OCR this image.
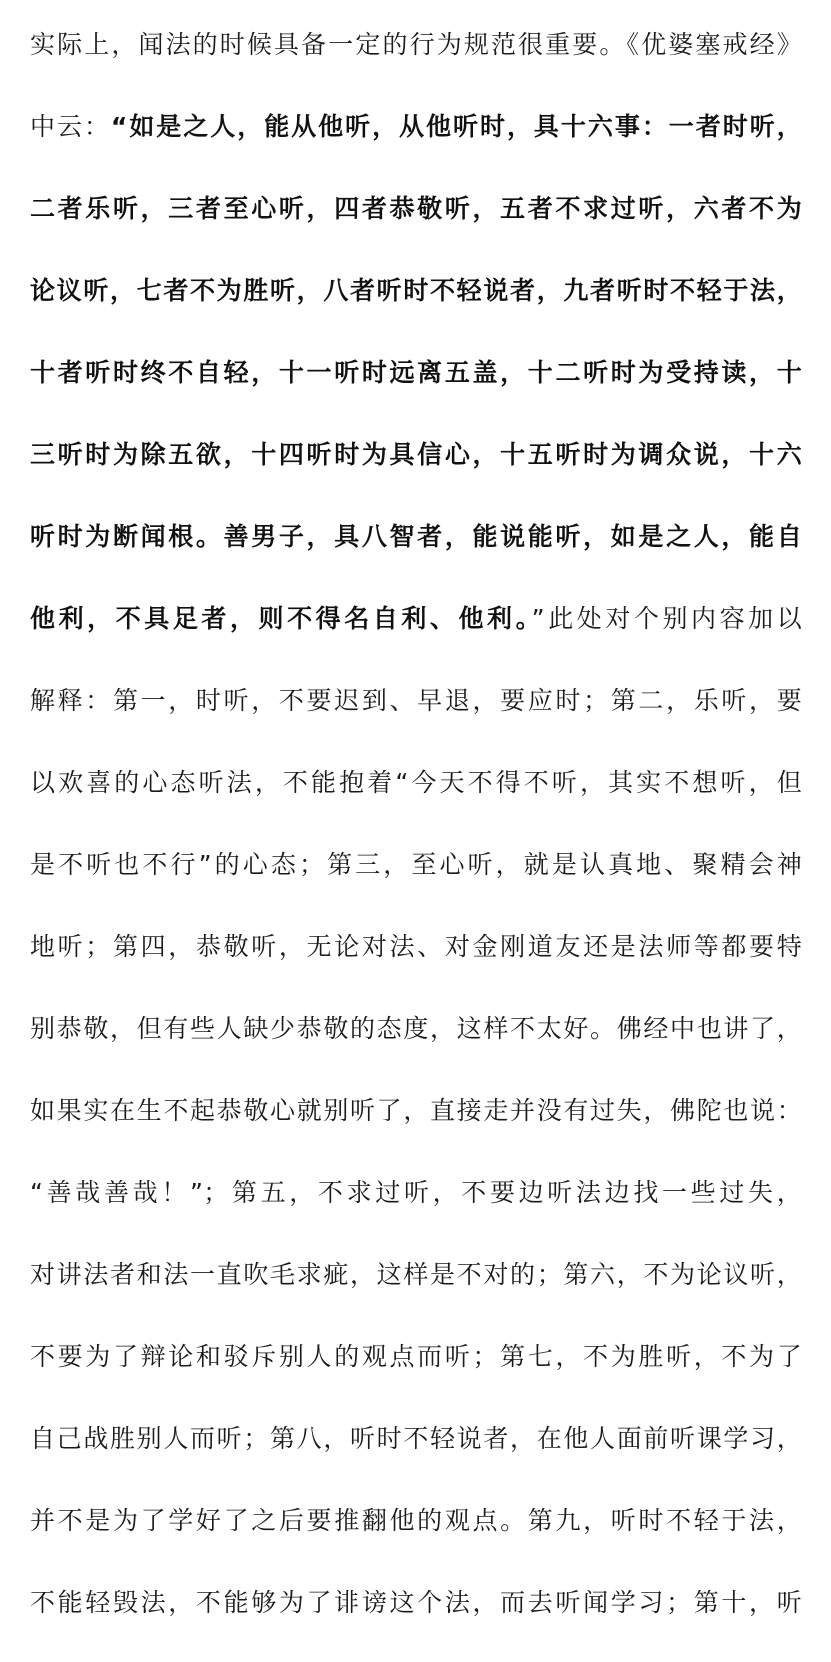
实际上，闻法的时候具备一定的行为规范很重要。《优婆塞戒经》
中云：“如是之人，能从他听，从他听时，具十六事：一者时听，
二者乐听，三者至心听，四者恭敬听，五者不求过听，六者不为
论议听，七者不为胜听，八者听时不轻说者，九者听时不轻于法，
十者听时终不自轻，十一听时远离五盖，十二听时为受持读，十
三听时为除五欲，十四听时为具信心，十五听时为调众说，十六
听时为断闻根。善男子，具八智者，能说能听，如是之人，能自
他利，不具足者，则不得名自利、他利。”此处对个别内容加以
解释：第一，时听，不要迟到、早退，要应时；第二，乐听，要
以欢喜的心态听法，不能抱着“今天不得不听，其实不想听，但
是不听也不行”的心态；第三，至心听，就是认真地、聚精会神
地听；第四，恭敬听，无论对法、对金刚道友还是法师等都要特
别恭敬，但有些人缺少恭敬的态度，这样不太好。佛经中也讲了，
如果实在生不起恭敬心就别听了，直接走并没有过失，佛陀也说：
“善哉善哉！”；第五，不求过听，不要边听法边找一些过失，
对讲法者和法一直吹毛求疵，这样是不对的；第六，不为论议听，
不要为了辩论和驳斥别人的观点而听；第七，不为胜听，不为了
自己战胜别人而听；第八，听时不轻说者，在他人面前听课学习，
并不是为了学好了之后要推翻他的观点。第九，听时不轻于法，
不能轻毁法，不能够为了诽谤这个法，而去听闻学习；第十，听
